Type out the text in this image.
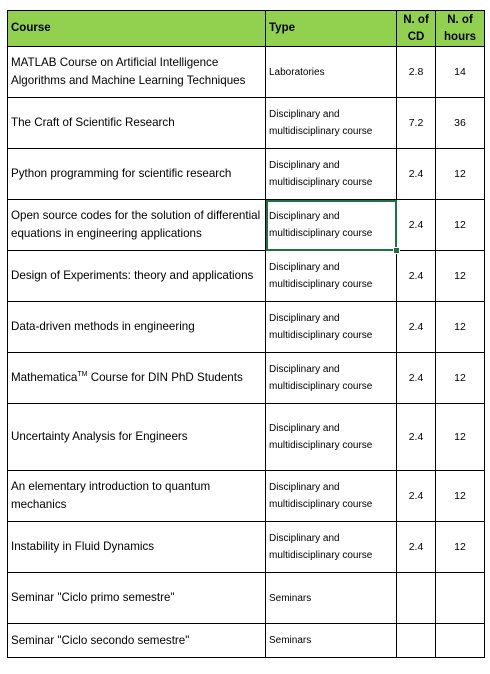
Course	Type	N. of CD	N. of hours
MATLAB Course on Artificial Intelligence Algorithms and Machine Learning Techniques	Laboratories	2.8	14
The Craft of Scientific Research	Disciplinary and multidisciplinary course	7.2	36
Python programming for scientific research	Disciplinary and multidisciplinary course	2.4	12
Open source codes for the solution of differential equations in engineering applications	Disciplinary and multidisciplinary course	2.4	12
Design of Experiments: theory and applications	Disciplinary and multidisciplinary course	2.4	12
Data-driven methods in engineering	Disciplinary and multidisciplinary course	2.4	12
Mathematica™ Course for DIN PhD Students	Disciplinary and multidisciplinary course	2.4	12
Uncertainty Analysis for Engineers	Disciplinary and multidisciplinary course	2.4	12
An elementary introduction to quantum mechanics	Disciplinary and multidisciplinary course	2.4	12
Instability in Fluid Dynamics	Disciplinary and multidisciplinary course	2.4	12
Seminar "Ciclo primo semestre"	Seminars		
Seminar "Ciclo secondo semestre"	Seminars		
